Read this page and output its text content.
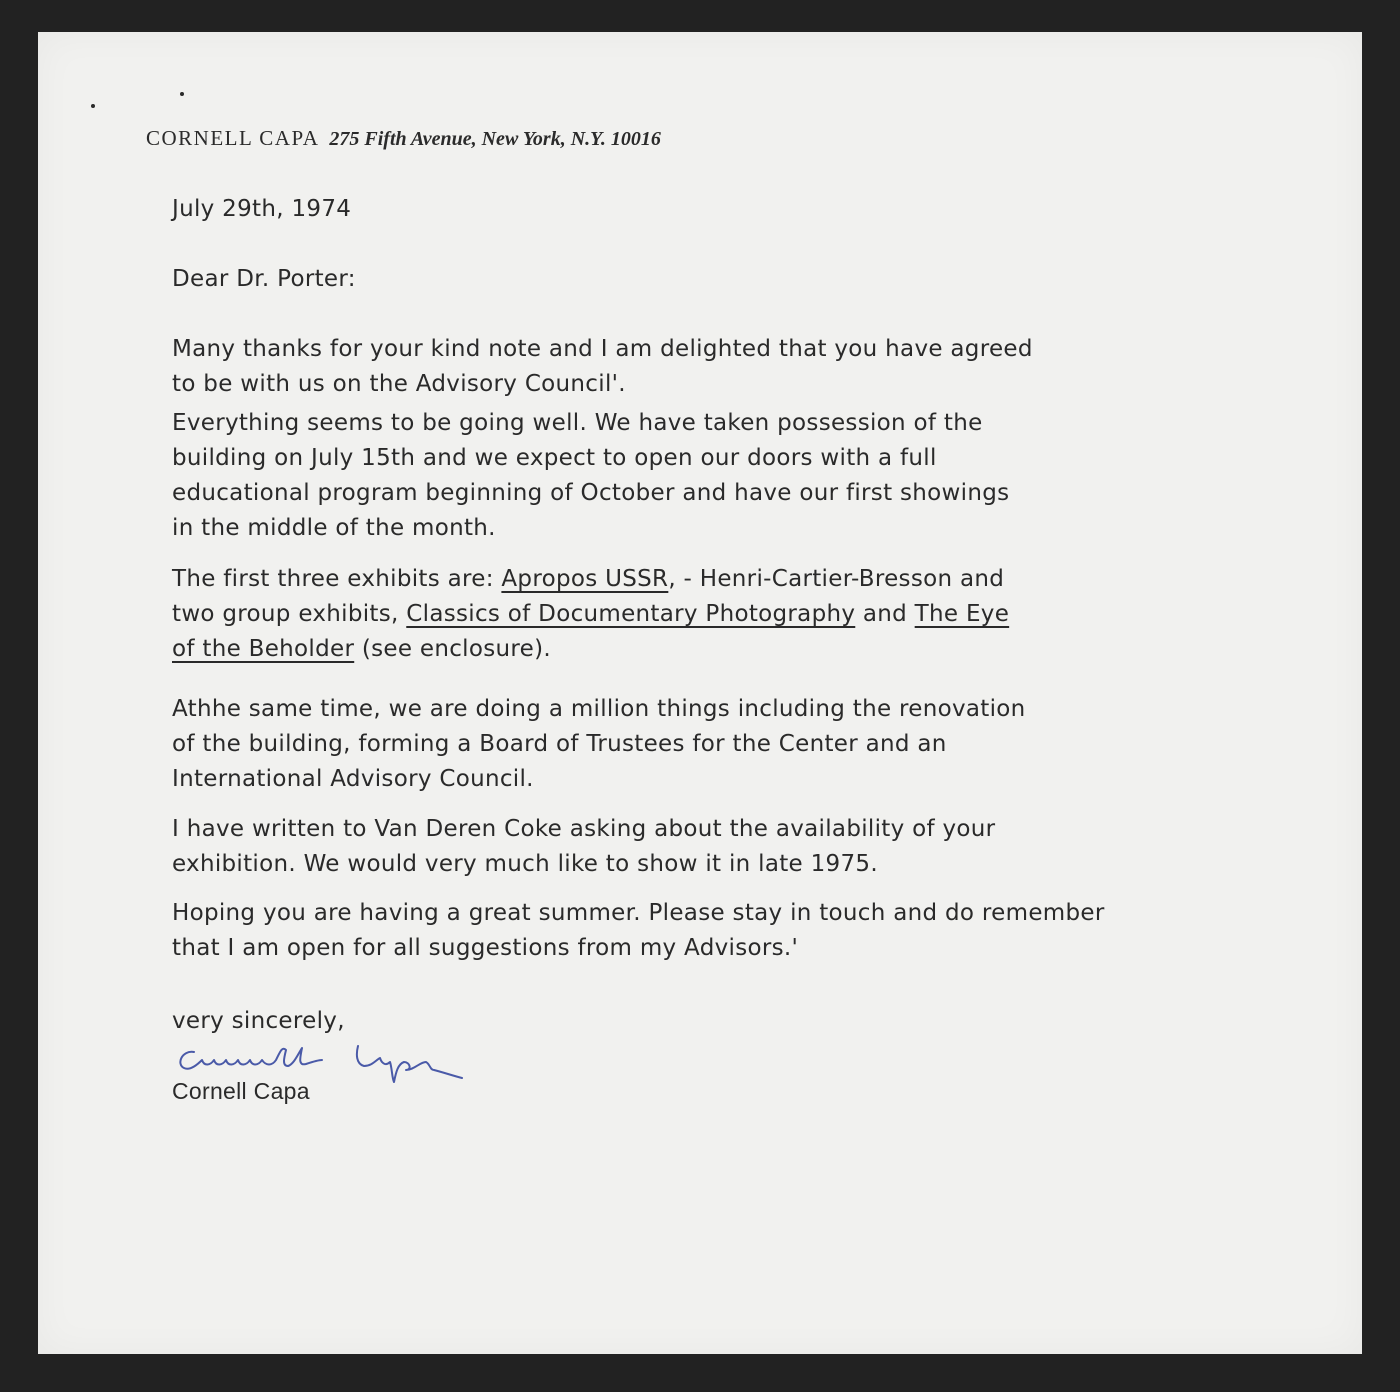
CORNELL CAPA 275 Fifth Avenue, New York, N.Y. 10016
July 29th, 1974
Dear Dr. Porter:
Many thanks for your kind note and I am delighted that you have agreed
to be with us on the Advisory Council'.
Everything seems to be going well. We have taken possession of the
building on July 15th and we expect to open our doors with a full
educational program beginning of October and have our first showings
in the middle of the month.
The first three exhibits are: Apropos USSR, - Henri-Cartier-Bresson and
two group exhibits, Classics of Documentary Photography and The Eye
of the Beholder (see enclosure).
Athhe same time, we are doing a million things including the renovation
of the building, forming a Board of Trustees for the Center and an
International Advisory Council.
I have written to Van Deren Coke asking about the availability of your
exhibition. We would very much like to show it in late 1975.
Hoping you are having a great summer. Please stay in touch and do remember
that I am open for all suggestions from my Advisors.'
very sincerely,
Cornell Capa
